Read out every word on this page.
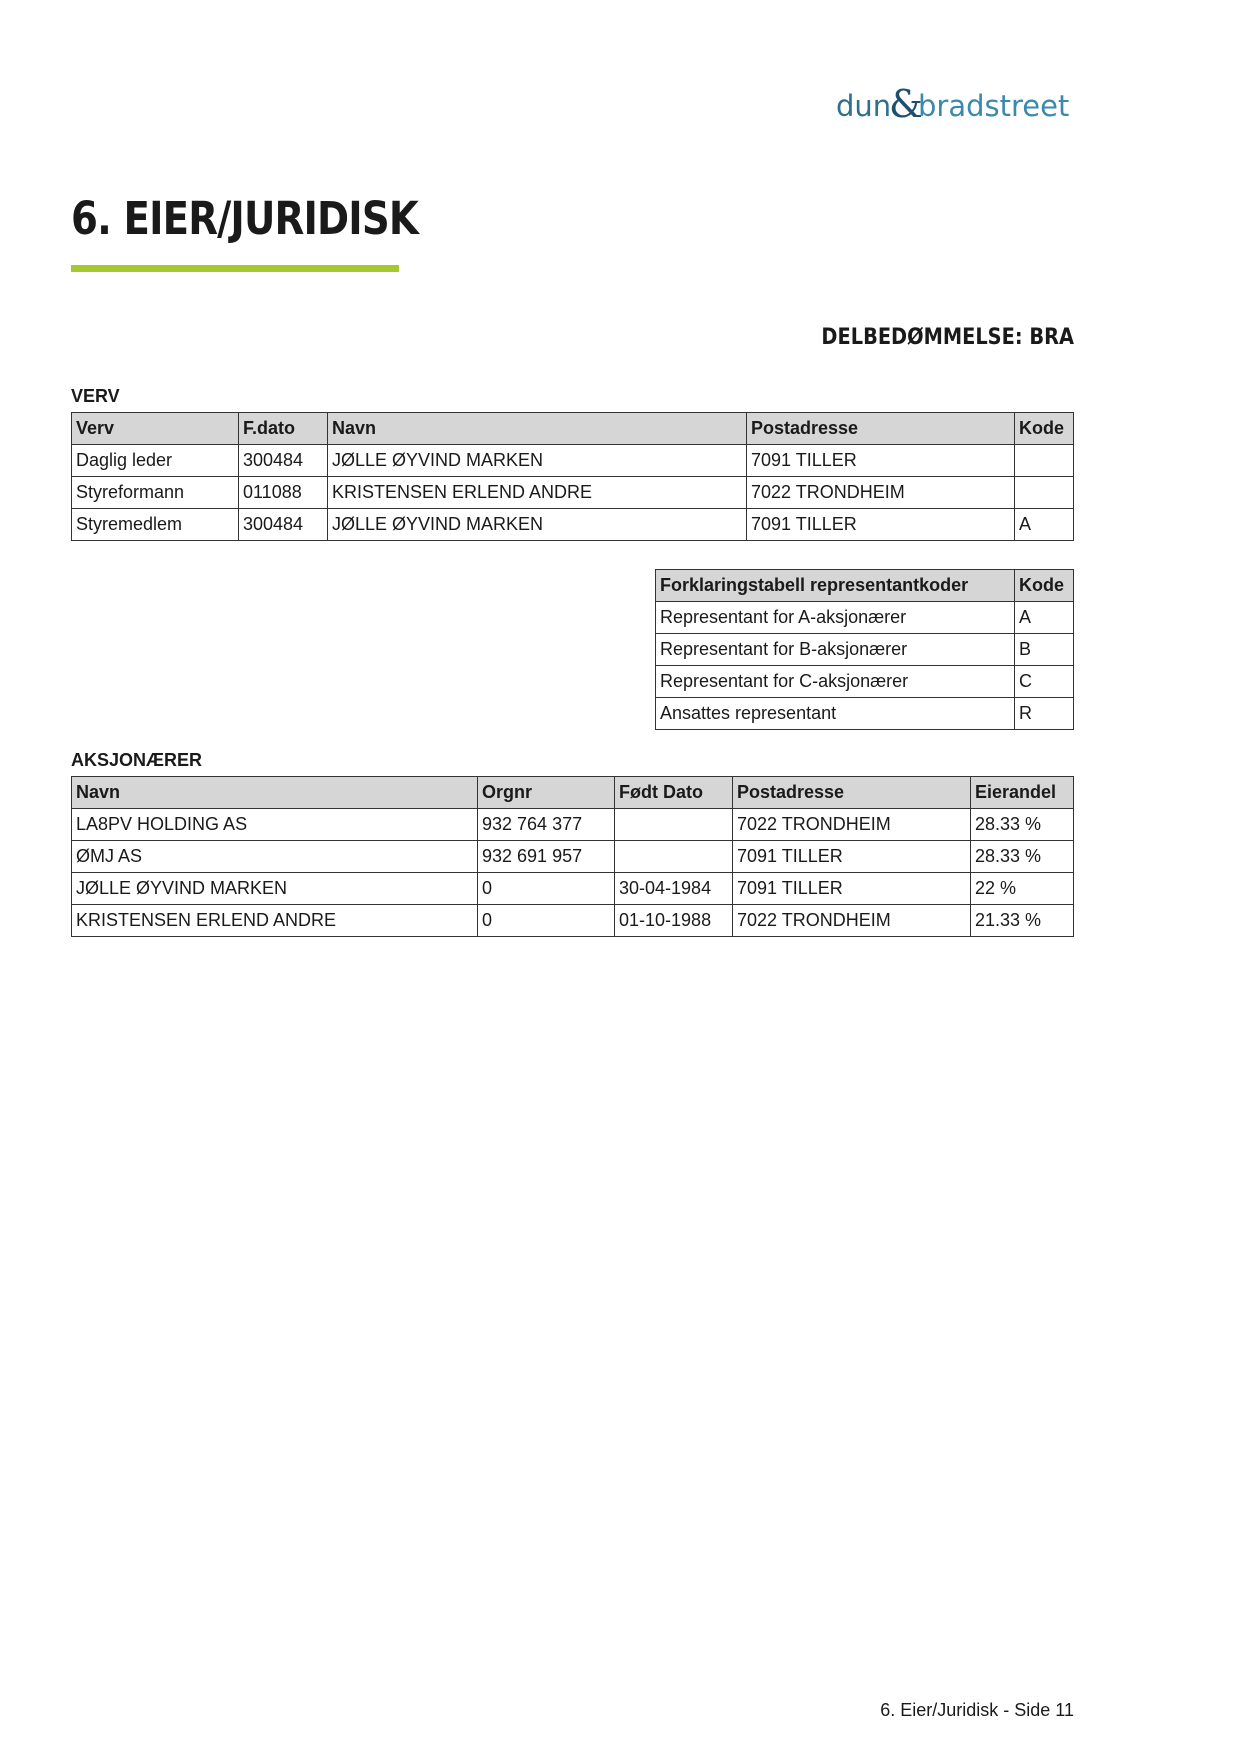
dun
&
bradstreet
6. EIER/JURIDISK
DELBEDØMMELSE: BRA
VERV
Verv	F.dato	Navn	Postadresse	Kode
Daglig leder	300484	JØLLE ØYVIND MARKEN	7091 TILLER	
Styreformann	011088	KRISTENSEN ERLEND ANDRE	7022 TRONDHEIM	
Styremedlem	300484	JØLLE ØYVIND MARKEN	7091 TILLER	A
Forklaringstabell representantkoder	Kode
Representant for A-aksjonærer	A
Representant for B-aksjonærer	B
Representant for C-aksjonærer	C
Ansattes representant	R
AKSJONÆRER
Navn	Orgnr	Født Dato	Postadresse	Eierandel
LA8PV HOLDING AS	932 764 377		7022 TRONDHEIM	28.33 %
ØMJ AS	932 691 957		7091 TILLER	28.33 %
JØLLE ØYVIND MARKEN	0	30-04-1984	7091 TILLER	22 %
KRISTENSEN ERLEND ANDRE	0	01-10-1988	7022 TRONDHEIM	21.33 %
6. Eier/Juridisk - Side 11
